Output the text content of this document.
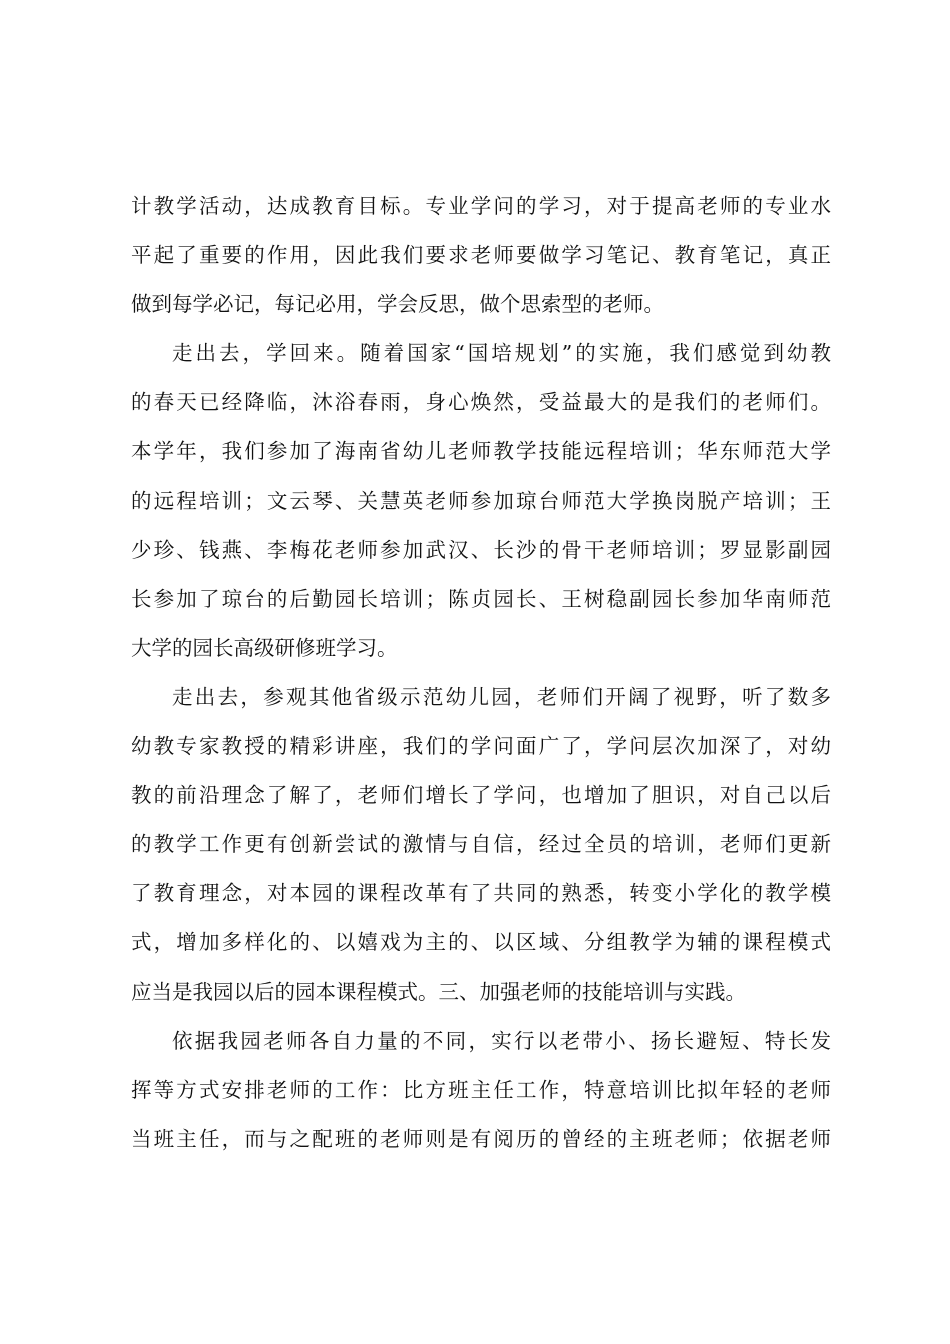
计教学活动，达成教育目标。专业学问的学习，对于提高老师的专业水
平起了重要的作用，因此我们要求老师要做学习笔记、教育笔记，真正
做到每学必记，每记必用，学会反思，做个思索型的老师。
走出去，学回来。随着国家“国培规划”的实施，我们感觉到幼教
的春天已经降临，沐浴春雨，身心焕然，受益最大的是我们的老师们。
本学年，我们参加了海南省幼儿老师教学技能远程培训；华东师范大学
的远程培训；文云琴、关慧英老师参加琼台师范大学换岗脱产培训；王
少珍、钱燕、李梅花老师参加武汉、长沙的骨干老师培训；罗显影副园
长参加了琼台的后勤园长培训；陈贞园长、王树稳副园长参加华南师范
大学的园长高级研修班学习。
走出去，参观其他省级示范幼儿园，老师们开阔了视野，听了数多
幼教专家教授的精彩讲座，我们的学问面广了，学问层次加深了，对幼
教的前沿理念了解了，老师们增长了学问，也增加了胆识，对自己以后
的教学工作更有创新尝试的激情与自信，经过全员的培训，老师们更新
了教育理念，对本园的课程改革有了共同的熟悉，转变小学化的教学模
式，增加多样化的、以嬉戏为主的、以区域、分组教学为辅的课程模式
应当是我园以后的园本课程模式。三、加强老师的技能培训与实践。
依据我园老师各自力量的不同，实行以老带小、扬长避短、特长发
挥等方式安排老师的工作：比方班主任工作，特意培训比拟年轻的老师
当班主任，而与之配班的老师则是有阅历的曾经的主班老师；依据老师
